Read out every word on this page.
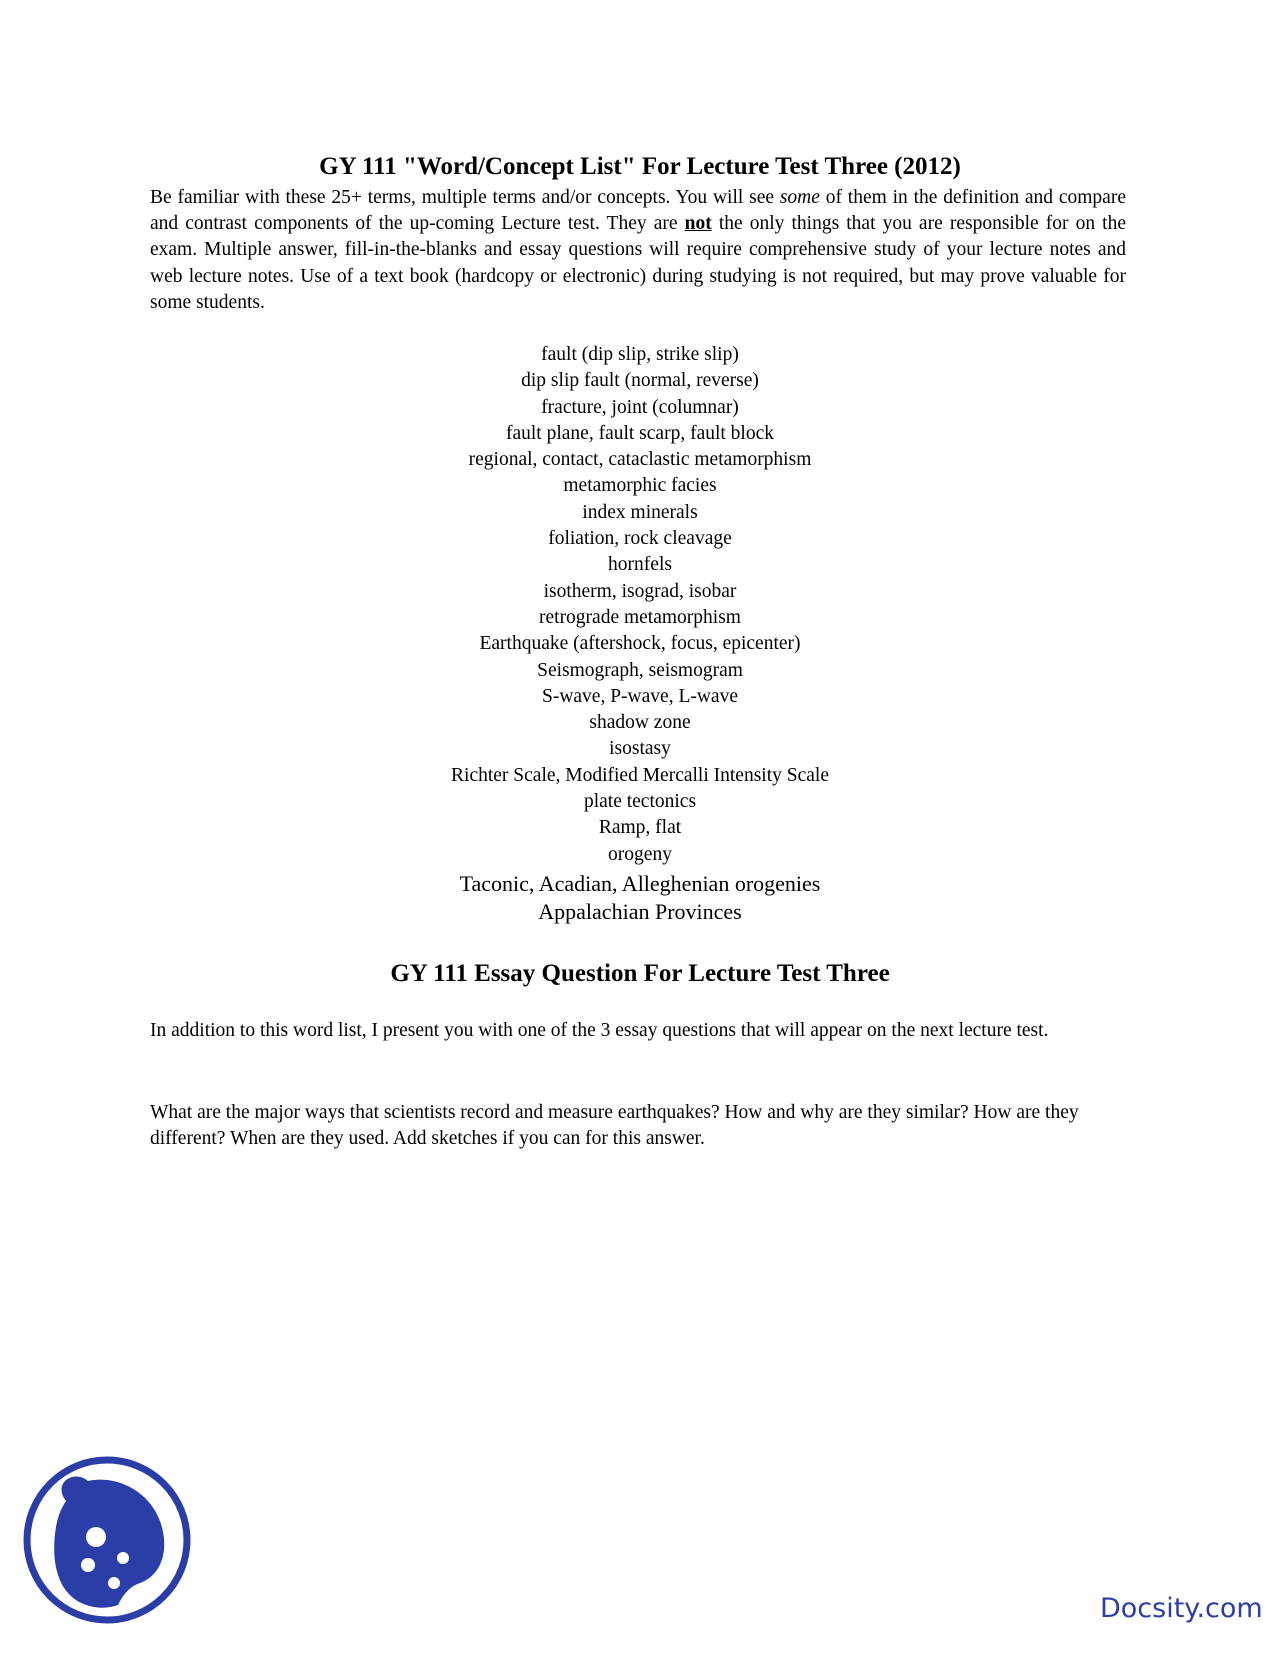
GY 111 "Word/Concept List" For Lecture Test Three (2012)

Be familiar with these 25+ terms, multiple terms and/or concepts. You will see some of them in the definition and compare and contrast components of the up-coming Lecture test. They are not the only things that you are responsible for on the exam. Multiple answer, fill-in-the-blanks and essay questions will require comprehensive study of your lecture notes and web lecture notes. Use of a text book (hardcopy or electronic) during studying is not required, but may prove valuable for some students.

fault (dip slip, strike slip)
dip slip fault (normal, reverse)
fracture, joint (columnar)
fault plane, fault scarp, fault block
regional, contact, cataclastic metamorphism
metamorphic facies
index minerals
foliation, rock cleavage
hornfels
isotherm, isograd, isobar
retrograde metamorphism
Earthquake (aftershock, focus, epicenter)
Seismograph, seismogram
S-wave, P-wave, L-wave
shadow zone
isostasy
Richter Scale, Modified Mercalli Intensity Scale
plate tectonics
Ramp, flat
orogeny
Taconic, Acadian, Alleghenian orogenies
Appalachian Provinces
GY 111 Essay Question For Lecture Test Three

In addition to this word list, I present you with one of the 3 essay questions that will appear on the next lecture test.

What are the major ways that scientists record and measure earthquakes? How and why are they similar? How are they different? When are they used. Add sketches if you can for this answer.

Docsity.com
